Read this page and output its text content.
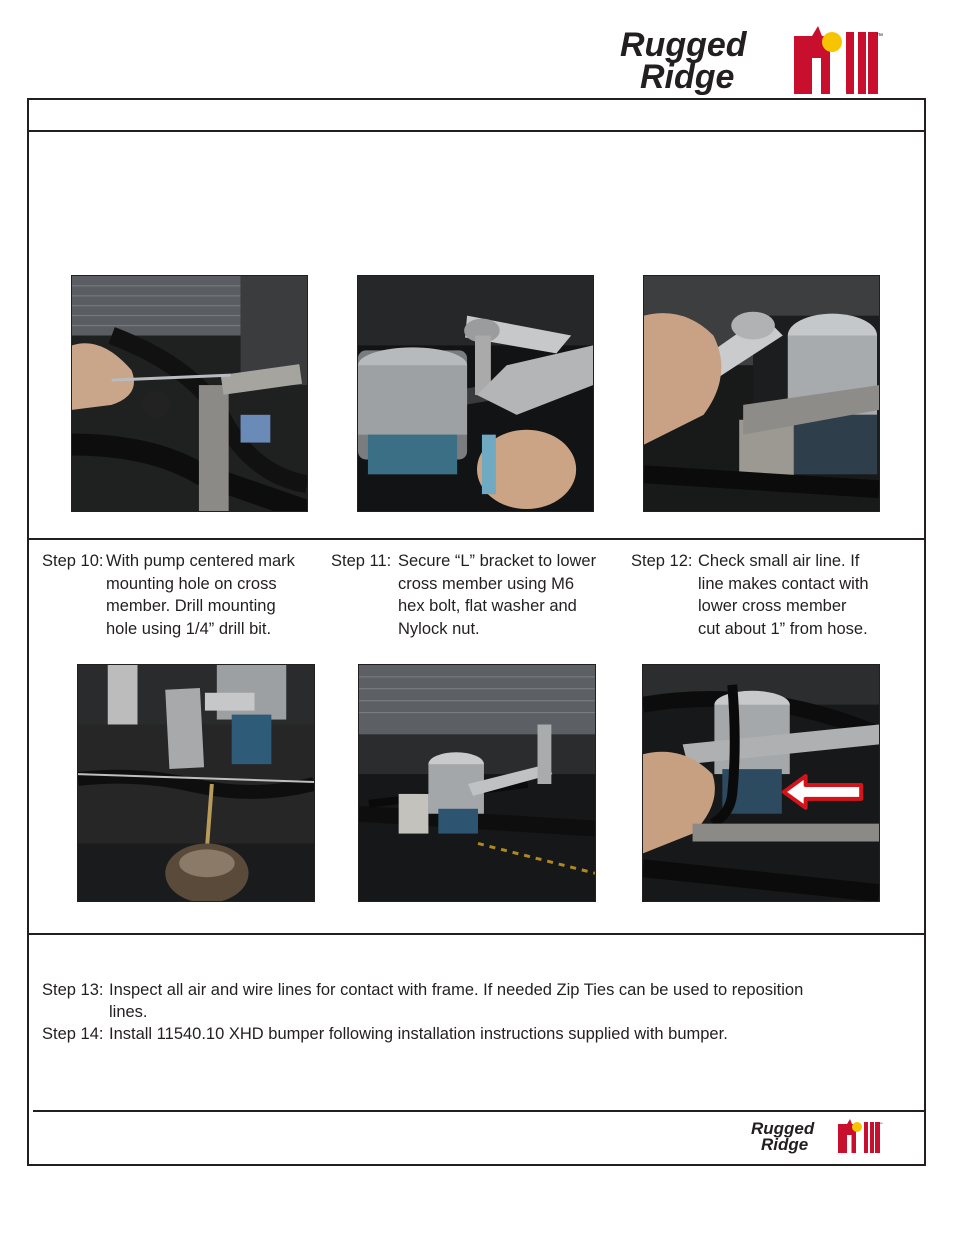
Rugged
Ridge
™
Step 10: With pump centered mark
mounting hole on cross
member. Drill mounting
hole using 1/4” drill bit.
Step 11: Secure “L” bracket to lower
cross member using M6
hex bolt, flat washer and
Nylock nut.
Step 12: Check small air line. If
line makes contact with
lower cross member
cut about 1” from hose.
Step 13: Inspect all air and wire lines for contact with frame. If needed Zip Ties can be used to reposition
lines.
Step 14: Install 11540.10 XHD bumper following installation instructions supplied with bumper.
Rugged
Ridge
™
